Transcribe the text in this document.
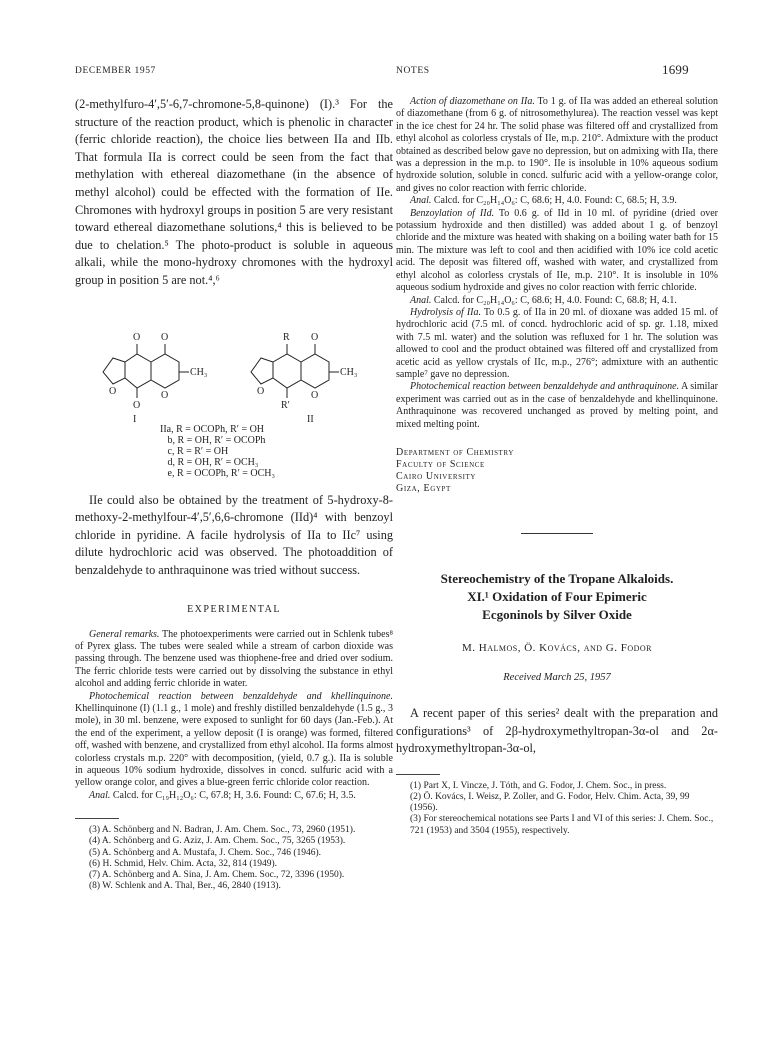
DECEMBER 1957	NOTES	1699

(2-methylfuro-4′,5′-6,7-chromone-5,8-quinone) (I).³ For the structure of the reaction product, which is phenolic in character (ferric chloride reaction), the choice lies between IIa and IIb. That formula IIa is correct could be seen from the fact that methylation with ethereal diazomethane (in the absence of methyl alcohol) could be effected with the formation of IIe. Chromones with hydroxyl groups in position 5 are very resistant toward ethereal diazomethane solutions,⁴ this is believed to be due to chelation.⁵ The photo-product is soluble in aqueous alkali, while the mono-hydroxy chromones with the hydroxyl group in position 5 are not.⁴,⁶

O O
O	O
O
CH₃
I
R O
O	O
R′
CH₃
II
IIa, R = OCOPh, R′ = OH
b, R = OH, R′ = OCOPh
c, R = R′ = OH
d, R = OH, R′ = OCH₃
e, R = OCOPh, R′ = OCH₃

IIe could also be obtained by the treatment of 5-hydroxy-8-methoxy-2-methylfour-4′,5′,6,6-chromone (IId)⁴ with benzoyl chloride in pyridine. A facile hydrolysis of IIa to IIc⁷ using dilute hydrochloric acid was observed. The photoaddition of benzaldehyde to anthraquinone was tried without success.

EXPERIMENTAL

General remarks. The photoexperiments were carried out in Schlenk tubes⁸ of Pyrex glass. The tubes were sealed while a stream of carbon dioxide was passing through. The benzene used was thiophene-free and dried over sodium. The ferric chloride tests were carried out by dissolving the substance in ethyl alcohol and adding ferric chloride in water.

Photochemical reaction between benzaldehyde and khellinquinone. Khellinquinone (I) (1.1 g., 1 mole) and freshly distilled benzaldehyde (1.5 g., 3 mole), in 30 ml. benzene, were exposed to sunlight for 60 days (Jan.-Feb.). At the end of the experiment, a yellow deposit (I is orange) was formed, filtered off, washed with benzene, and crystallized from ethyl alcohol. IIa forms almost colorless crystals m.p. 220° with decomposition, (yield, 0.7 g.). IIa is soluble in aqueous 10% sodium hydroxide, dissolves in concd. sulfuric acid with a yellow orange color, and gives a blue-green ferric chloride color reaction.

Anal. Calcd. for C₁₉H₁₂O₆: C, 67.8; H, 3.6. Found: C, 67.6; H, 3.5.

(3) A. Schönberg and N. Badran, J. Am. Chem. Soc., 73, 2960 (1951).

(4) A. Schönberg and G. Aziz, J. Am. Chem. Soc., 75, 3265 (1953).

(5) A. Schönberg and A. Mustafa, J. Chem. Soc., 746 (1946).

(6) H. Schmid, Helv. Chim. Acta, 32, 814 (1949).

(7) A. Schönberg and A. Sina, J. Am. Chem. Soc., 72, 3396 (1950).

(8) W. Schlenk and A. Thal, Ber., 46, 2840 (1913).

Action of diazomethane on IIa. To 1 g. of IIa was added an ethereal solution of diazomethane (from 6 g. of nitrosomethylurea). The reaction vessel was kept in the ice chest for 24 hr. The solid phase was filtered off and crystallized from ethyl alcohol as colorless crystals of IIe, m.p. 210°. Admixture with the product obtained as described below gave no depression, but on admixing with IIa, there was a depression in the m.p. to 190°. IIe is insoluble in 10% aqueous sodium hydroxide solution, soluble in concd. sulfuric acid with a yellow-orange color, and gives no color reaction with ferric chloride.

Anal. Calcd. for C₂₀H₁₄O₆: C, 68.6; H, 4.0. Found: C, 68.5; H, 3.9.

Benzoylation of IId. To 0.6 g. of IId in 10 ml. of pyridine (dried over potassium hydroxide and then distilled) was added about 1 g. of benzoyl chloride and the mixture was heated with shaking on a boiling water bath for 15 min. The mixture was left to cool and then acidified with 10% ice cold acetic acid. The deposit was filtered off, washed with water, and crystallized from ethyl alcohol as colorless crystals of IIe, m.p. 210°. It is insoluble in 10% aqueous sodium hydroxide and gives no color reaction with ferric chloride.

Anal. Calcd. for C₂₀H₁₄O₆: C, 68.6; H, 4.0. Found: C, 68.8; H, 4.1.

Hydrolysis of IIa. To 0.5 g. of IIa in 20 ml. of dioxane was added 15 ml. of hydrochloric acid (7.5 ml. of concd. hydrochloric acid of sp. gr. 1.18, mixed with 7.5 ml. water) and the solution was refluxed for 1 hr. The solution was allowed to cool and the product obtained was filtered off and crystallized from acetic acid as yellow crystals of IIc, m.p., 276°; admixture with an authentic sample⁷ gave no depression.

Photochemical reaction between benzaldehyde and anthraquinone. A similar experiment was carried out as in the case of benzaldehyde and khellinquinone. Anthraquinone was recovered unchanged as proved by melting point, and mixed melting point.

Department of Chemistry
Faculty of Science
Cairo University
Giza, Egypt

Stereochemistry of the Tropane Alkaloids.

XI.¹ Oxidation of Four Epimeric

Ecgoninols by Silver Oxide

M. Halmos, Ö. Kovács, and G. Fodor

Received March 25, 1957

A recent paper of this series² dealt with the preparation and configurations³ of 2β-hydroxymethyltropan-3α-ol and 2α-hydroxymethyltropan-3α-ol,

(1) Part X, I. Vincze, J. Tóth, and G. Fodor, J. Chem. Soc., in press.

(2) Ö. Kovács, I. Weisz, P. Zoller, and G. Fodor, Helv. Chim. Acta, 39, 99 (1956).

(3) For stereochemical notations see Parts I and VI of this series: J. Chem. Soc., 721 (1953) and 3504 (1955), respectively.
